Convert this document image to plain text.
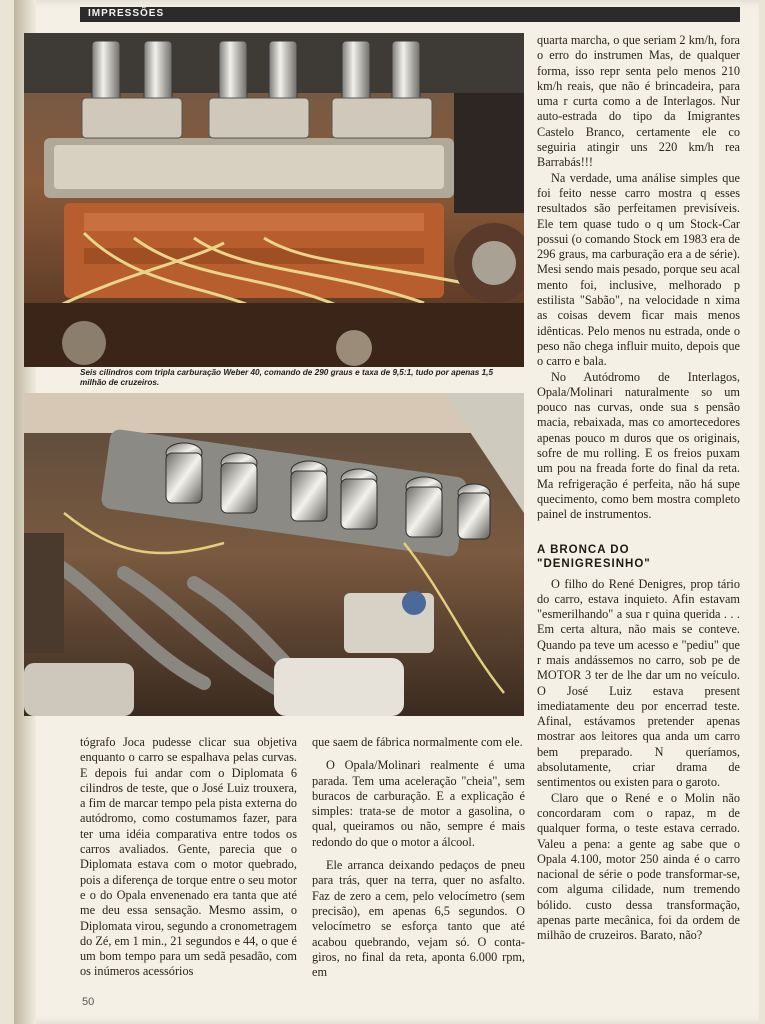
IMPRESSÕES
Seis cilindros com tripla carburação Weber 40, comando de 290 graus e taxa de 9,5:1, tudo por apenas 1,5 milhão de cruzeiros.

quarta marcha, o que seriam 2 km/h, fora o erro do instrumen Mas, de qualquer forma, isso repr senta pelo menos 210 km/h reais, que não é brincadeira, para uma r curta como a de Interlagos. Nur auto-estrada do tipo da Imigrantes Castelo Branco, certamente ele co seguiria atingir uns 220 km/h rea Barrabás!!!

Na verdade, uma análise simples que foi feito nesse carro mostra q esses resultados são perfeitamen previsíveis. Ele tem quase tudo o q um Stock-Car possui (o comando Stock em 1983 era de 296 graus, ma carburação era a de série). Mesi sendo mais pesado, porque seu acal mento foi, inclusive, melhorado p estilista "Sabão", na velocidade n xima as coisas devem ficar mais menos idênticas. Pelo menos nu estrada, onde o peso não chega influir muito, depois que o carro e bala.

No Autódromo de Interlagos, Opala/Molinari naturalmente so um pouco nas curvas, onde sua s pensão macia, rebaixada, mas co amortecedores apenas pouco m duros que os originais, sofre de mu rolling. E os freios puxam um pou na freada forte do final da reta. Ma refrigeração é perfeita, não há supe quecimento, como bem mostra completo painel de instrumentos.

A BRONCA DO
"DENIGRESINHO"

O filho do René Denigres, prop tário do carro, estava inquieto. Afin estavam "esmerilhando" a sua r quina querida . . . Em certa altura, não mais se conteve. Quando pa teve um acesso e "pediu" que r mais andássemos no carro, sob pe de MOTOR 3 ter de lhe dar um no veículo. O José Luiz estava present imediatamente deu por encerrad teste. Afinal, estávamos pretender apenas mostrar aos leitores qua anda um carro bem preparado. N queríamos, absolutamente, criar drama de sentimentos ou existen para o garoto.

Claro que o René e o Molin não concordaram com o rapaz, m de qualquer forma, o teste estava cerrado. Valeu a pena: a gente ag sabe que o Opala 4.100, motor 250 ainda é o carro nacional de série o pode transformar-se, com alguma cilidade, num tremendo bólido. custo dessa transformação, apenas parte mecânica, foi da ordem de milhão de cruzeiros. Barato, não?

tógrafo Joca pudesse clicar sua objetiva enquanto o carro se espalhava pelas curvas. E depois fui andar com o Diplomata 6 cilindros de teste, que o José Luiz trouxera, a fim de marcar tempo pela pista externa do autódromo, como costumamos fazer, para ter uma idéia comparativa entre todos os carros avaliados. Gente, parecia que o Diplomata estava com o motor quebrado, pois a diferença de torque entre o seu motor e o do Opala envenenado era tanta que até me deu essa sensação. Mesmo assim, o Diplomata virou, segundo a cronometragem do Zé, em 1 min., 21 segundos e 44, o que é um bom tempo para um sedã pesadão, com os inúmeros acessórios

que saem de fábrica normalmente com ele.

O Opala/Molinari realmente é uma parada. Tem uma aceleração "cheia", sem buracos de carburação. E a explicação é simples: trata-se de motor a gasolina, o qual, queiramos ou não, sempre é mais redondo do que o motor a álcool.

Ele arranca deixando pedaços de pneu para trás, quer na terra, quer no asfalto. Faz de zero a cem, pelo velocímetro (sem precisão), em apenas 6,5 segundos. O velocímetro se esforça tanto que até acabou quebrando, vejam só. O conta-giros, no final da reta, aponta 6.000 rpm, em

50
